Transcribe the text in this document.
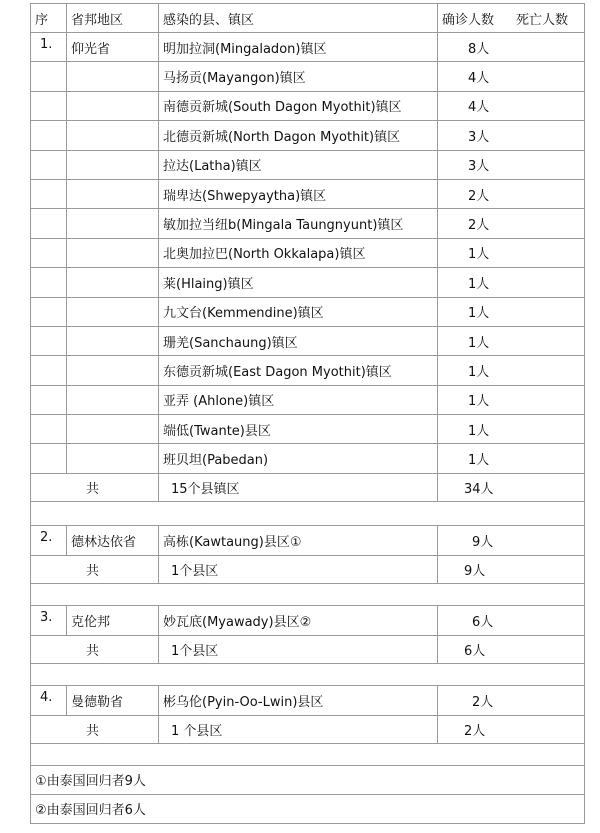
序	省邦地区	感染的县、镇区	确诊人数 死亡人数
1.	仰光省	明加拉洞(Mingaladon)镇区	8人
		马扬贡(Mayangon)镇区	4人
		南德贡新城(South Dagon Myothit)镇区	4人
		北德贡新城(North Dagon Myothit)镇区	3人
		拉达(Latha)镇区	3人
		瑞卑达(Shwepyaytha)镇区	2人
		敏加拉当纽b(Mingala Taungnyunt)镇区	2人
		北奥加拉巴(North Okkalapa)镇区	1人
		莱(Hlaing)镇区	1人
		九文台(Kemmendine)镇区	1人
		珊羌(Sanchaung)镇区	1人
		东德贡新城(East Dagon Myothit)镇区	1人
		亚弄 (Ahlone)镇区	1人
		端低(Twante)县区	1人
		班贝坦(Pabedan)	1人
共		15个县镇区	34人

2.	德林达依省	高栋(Kawtaung)县区①	9人
共		1个县区	9人

3.	克伦邦	妙瓦底(Myawady)县区②	6人
共		1个县区	6人

4.	曼德勒省	彬乌伦(Pyin-Oo-Lwin)县区	2人
共		1 个县区	2人

①由泰国回归者9人			
②由泰国回归者6人			
